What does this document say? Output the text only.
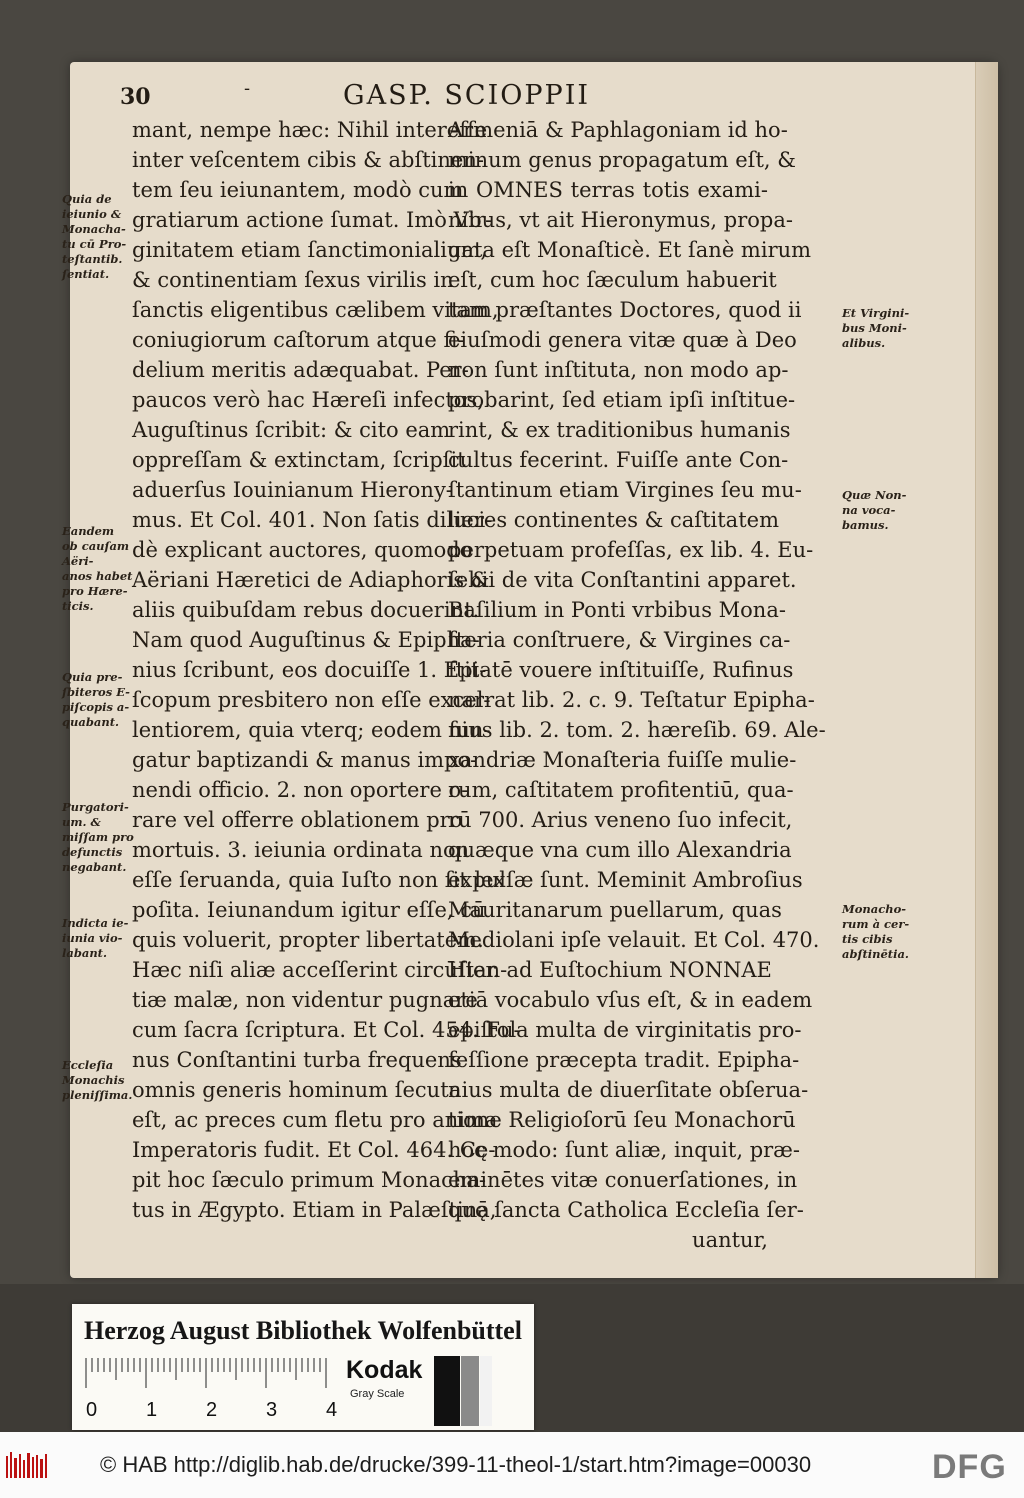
30	-	GASP. SCIOPPII
mant, nempe hæc: Nihil intereſſe
inter veſcentem cibis & abſtinen-
tem ſeu ieiunantem, modò cum
gratiarum actione ſumat. Imò Vir-
ginitatem etiam ſanctimonialium,
& continentiam ſexus virilis in
ſanctis eligentibus cælibem vitam,
coniugiorum caſtorum atque fi-
delium meritis adæquabat. Per-
paucos verò hac Hæreſi infectos,
Auguſtinus ſcribit: & cito eam
oppreſſam & extinctam, ſcripſit
aduerſus Iouinianum Hierony-
mus. Et Col. 401. Non ſatis diluci-
dè explicant auctores, quomodo
Aëriani Hæretici de Adiaphoris &
aliis quibuſdam rebus docuerint.
Nam quod Auguſtinus & Epipha-
nius ſcribunt, eos docuiſſe 1. Epi-
ſcopum presbitero non eſſe excel-
lentiorem, quia vterq; eodem fun-
gatur baptizandi & manus impo-
nendi officio. 2. non oportere o-
rare vel offerre oblationem pro
mortuis. 3. ieiunia ordinata non
eſſe ſeruanda, quia Iuſto non ſit lex
poſita. Ieiunandum igitur eſſe, cū
quis voluerit, propter libertatem.
Hæc niſi aliæ acceſſerint circūſtan-
tiæ malæ, non videntur pugnare
cum ſacra ſcriptura. Et Col. 454. Fu-
nus Conſtantini turba frequens
omnis generis hominum ſecuta
eſt, ac preces cum fletu pro anima
Imperatoris fudit. Et Col. 464. Cę-
pit hoc ſæculo primum Monacha-
tus in Ægypto. Etiam in Palæſtinā,
Armeniā & Paphlagoniam id ho-
minum genus propagatum eſt, &
in OMNES terras totis exami-
nibus, vt ait Hieronymus, propa-
gata eſt Monaſticè. Et ſanè mirum
eſt, cum hoc ſæculum habuerit
tam præſtantes Doctores, quod ii
eiuſmodi genera vitæ quæ à Deo
non ſunt inſtituta, non modo ap-
probarint, ſed etiam ipſi inſtitue-
rint, & ex traditionibus humanis
cultus fecerint. Fuiſſe ante Con-
ſtantinum etiam Virgines ſeu mu-
lieres continentes & caſtitatem
perpetuam profeſſas, ex lib. 4. Eu-
ſebii de vita Conſtantini apparet.
Baſilium in Ponti vrbibus Mona-
ſteria conſtruere, & Virgines ca-
ſtitatē vouere inſtituiſſe, Rufinus
narrat lib. 2. c. 9. Teſtatur Epipha-
nius lib. 2. tom. 2. hæreſib. 69. Ale-
xandriæ Monaſteria fuiſſe mulie-
rum, caſtitatem profitentiū, qua-
rū 700. Arius veneno ſuo infecit,
quæque vna cum illo Alexandria
expulſæ ſunt. Meminit Ambroſius
Mauritanarum puellarum, quas
Mediolani ipſe velauit. Et Col. 470.
Hier. ad Euſtochium NONNAE
etiā vocabulo vſus eſt, & in eadem
epiſtola multa de virginitatis pro-
feſſione præcepta tradit. Epipha-
nius multa de diuerſitate obſerua-
tione Religioſorū ſeu Monachorū
hoc modo: ſunt aliæ, inquit, præ-
eminētes vitæ conuerſationes, in
quę ſancta Catholica Eccleſia ſer-
uantur,
Quia de
ieiunio &
Monacha-
tu cū Pro-
teſtantib.
ſentiat.
Eandem
ob cauſam
Aëri-
anos habet
pro Hære-
ticis.
Quia pre-
ſbiteros
piſcopis
quabant.
Purgatori-
um. &
miſſam
defunctis
negabant.
Indicta ie-
iunia vio-
labant.
Eccleſia
Monachis
pleniſſima.
Et Virgini-
bus Moni-
alibus.
Quæ Non-
na voca-
bamus.
Monacho-
rum à cer-
tis cibis
abſtinētia.
Herzog August Bibliothek Wolfenbüttel
0 1 2 3 4
Kodak
Gray Scale
© HAB http://diglib.hab.de/drucke/399-11-theol-1/start.htm?image=00030	DFG
